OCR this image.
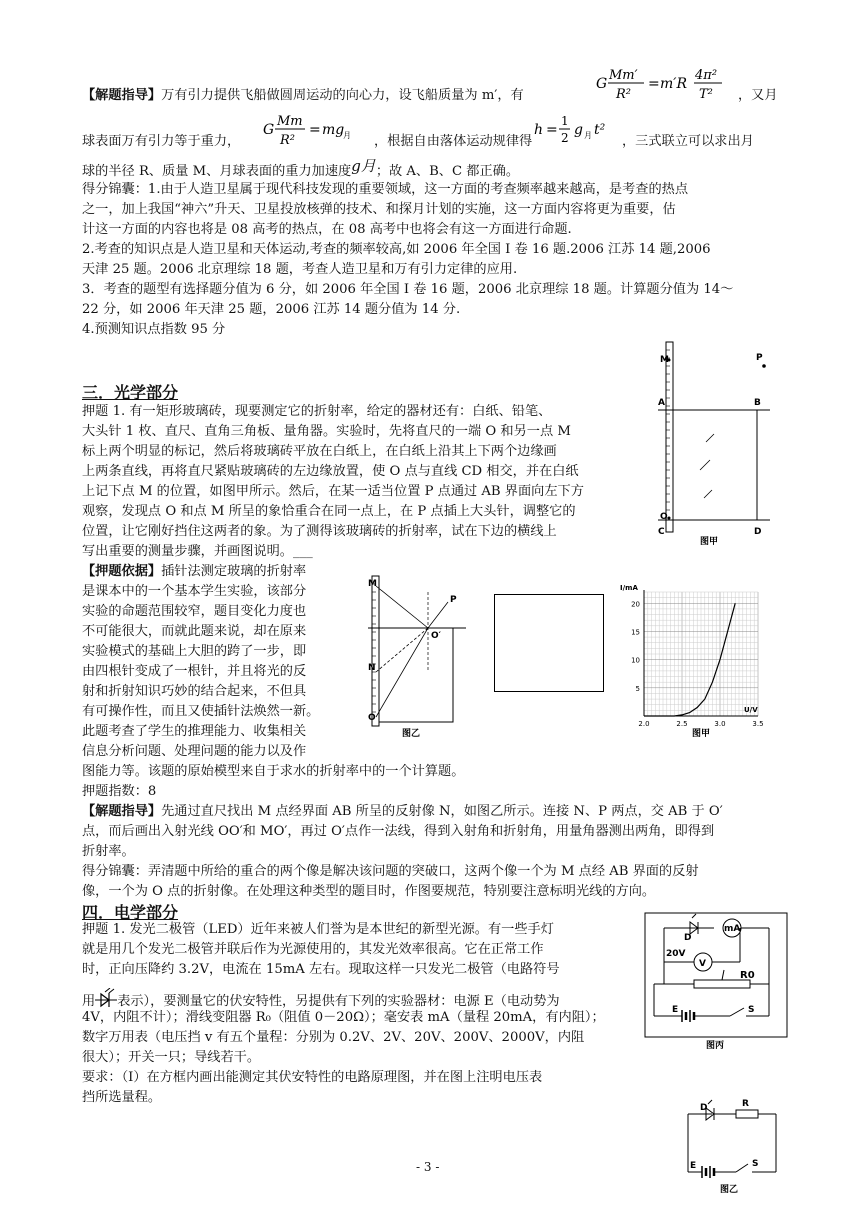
【解题指导】万有引力提供飞船做圆周运动的向心力，设飞船质量为 m′，有
G
Mm′
R²
= m′R
4π²
T² ，又月
球表面万有引力等于重力，
G
Mm
R²
= mg
月 ，根据自由落体运动规律得
h =
1
2 g 月 t²
，三式联立可以求出月
球的半径 R、质量 M、月球表面的重力加速度g月；故 A、B、C 都正确。
得分锦囊：1.由于人造卫星属于现代科技发现的重要领域，这一方面的考查频率越来越高，是考查的热点
之一，加上我国“神六”升天、卫星投放核弹的技术、和探月计划的实施，这一方面内容将更为重要，估
计这一方面的内容也将是 08 高考的热点，在 08 高考中也将会有这一方面进行命题.
2.考查的知识点是人造卫星和天体运动,考查的频率较高,如 2006 年全国 I 卷 16 题.2006 江苏 14 题,2006
天津 25 题。2006 北京理综 18 题，考查人造卫星和万有引力定律的应用.
3．考查的题型有选择题分值为 6 分，如 2006 年全国 I 卷 16 题，2006 北京理综 18 题。计算题分值为 14～
22 分，如 2006 年天津 25 题，2006 江苏 14 题分值为 14 分.
4.预测知识点指数 95 分
三．光学部分
押题 1. 有一矩形玻璃砖，现要测定它的折射率，给定的器材还有：白纸、铅笔、
大头针 1 枚、直尺、直角三角板、量角器。实验时，先将直尺的一端 O 和另一点 M
标上两个明显的标记，然后将玻璃砖平放在白纸上，在白纸上沿其上下两个边缘画
上两条直线，再将直尺紧贴玻璃砖的左边缘放置，使 O 点与直线 CD 相交，并在白纸
上记下点 M 的位置，如图甲所示。然后，在某一适当位置 P 点通过 AB 界面向左下方
观察，发现点 O 和点 M 所呈的象恰重合在同一点上，在 P 点插上大头针，调整它的
位置，让它刚好挡住这两者的象。为了测得该玻璃砖的折射率，试在下边的横线上
写出重要的测量步骤，并画图说明。___
【押题依据】插针法测定玻璃的折射率
是课本中的一个基本学生实验，该部分
实验的命题范围较窄，题目变化力度也
不可能很大，而就此题来说，却在原来
实验模式的基础上大胆的跨了一步，即
由四根针变成了一根针，并且将光的反
射和折射知识巧妙的结合起来，不但具
有可操作性，而且又使插针法焕然一新。
此题考查了学生的推理能力、收集相关
信息分析问题、处理问题的能力以及作
图能力等。该题的原始模型来自于求水的折射率中的一个计算题。
押题指数：8
【解题指导】先通过直尺找出 M 点经界面 AB 所呈的反射像 N，如图乙所示。连接 N、P 两点，交 AB 于 O′
点，而后画出入射光线 OO′和 MO′，再过 O′点作一法线，得到入射角和折射角，用量角器测出两角，即得到
折射率。
得分锦囊：弄清题中所给的重合的两个像是解决该问题的突破口，这两个像一个为 M 点经 AB 界面的反射
像，一个为 O 点的折射像。在处理这种类型的题目时，作图要规范，特别要注意标明光线的方向。
四．电学部分
押题 1. 发光二极管（LED）近年来被人们誉为是本世纪的新型光源。有一些手灯
就是用几个发光二极管并联后作为光源使用的，其发光效率很高。它在正常工作
时，正向压降约 3.2V，电流在 15mA 左右。现取这样一只发光二极管（电路符号
用 表示），要测量它的伏安特性，另提供有下列的实验器材：电源 E（电动势为
4V，内阻不计）；滑线变阻器 R₀（阻值 0－20Ω）；毫安表 mA（量程 20mA，有内阻）；
数字万用表（电压挡 v 有五个量程：分别为 0.2V、2V、20V、200V、2000V，内阻
很大）；开关一只；导线若干。
要求：（Ⅰ）在方框内画出能测定其伏安特性的电路原理图，并在图上注明电压表
挡所选量程。
M	P
A	B
O
C	D
图甲
M
N
O
O′
P
图乙
I/mA
U/V
5
10
15
20
2.0	2.5	3.0	3.5
图甲
D
mA
V
20V
R0
E	S
图丙
D	R
E	S
图乙
- 3 -
